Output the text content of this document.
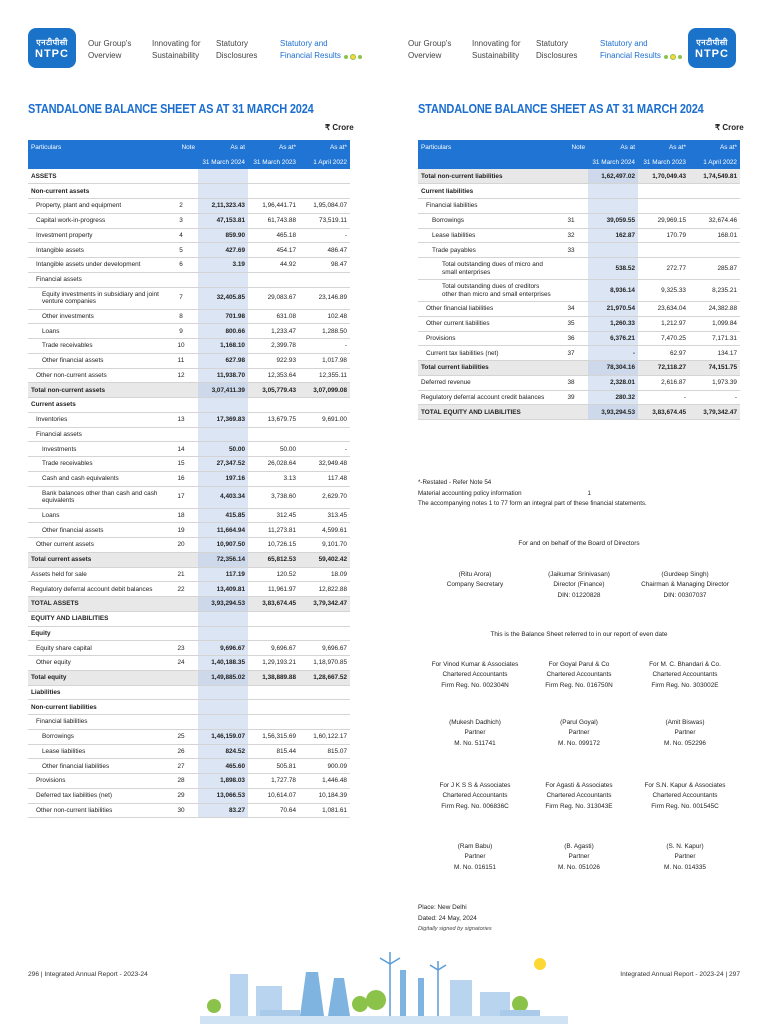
एनटीपीसी
NTPC
Our Group's
Overview
Innovating for
Sustainability
Statutory
Disclosures
Statutory and
Financial Results
Our Group's
Overview
Innovating for
Sustainability
Statutory
Disclosures
Statutory and
Financial Results
एनटीपीसी
NTPC
STANDALONE BALANCE SHEET AS AT 31 MARCH 2024	STANDALONE BALANCE SHEET AS AT 31 MARCH 2024
₹ Crore	₹ Crore
Particulars	Note	As at	As at*	As at*
		31 March 2024	31 March 2023	1 April 2022
ASSETS				
Non-current assets				
Property, plant and equipment	2	2,11,323.43	1,96,441.71	1,95,084.07
Capital work-in-progress	3	47,153.81	61,743.88	73,519.11
Investment property	4	859.90	465.18	-
Intangible assets	5	427.69	454.17	486.47
Intangible assets under development	6	3.19	44.92	98.47
Financial assets				
Equity investments in subsidiary and joint venture companies	7	32,405.85	29,083.67	23,146.89
Other investments	8	701.98	631.08	102.48
Loans	9	800.66	1,233.47	1,288.50
Trade receivables	10	1,168.10	2,399.78	-
Other financial assets	11	627.98	922.93	1,017.98
Other non-current assets	12	11,938.70	12,353.64	12,355.11
Total non-current assets		3,07,411.39	3,05,779.43	3,07,099.08
Current assets				
Inventories	13	17,369.83	13,679.75	9,691.00
Financial assets				
Investments	14	50.00	50.00	-
Trade receivables	15	27,347.52	26,028.64	32,949.48
Cash and cash equivalents	16	197.16	3.13	117.48
Bank balances other than cash and cash equivalents	17	4,403.34	3,738.60	2,629.70
Loans	18	415.85	312.45	313.45
Other financial assets	19	11,664.94	11,273.81	4,599.61
Other current assets	20	10,907.50	10,726.15	9,101.70
Total current assets		72,356.14	65,812.53	59,402.42
Assets held for sale	21	117.19	120.52	18.09
Regulatory deferral account debit balances	22	13,409.81	11,961.97	12,822.88
TOTAL ASSETS		3,93,294.53	3,83,674.45	3,79,342.47
EQUITY AND LIABILITIES				
Equity				
Equity share capital	23	9,696.67	9,696.67	9,696.67
Other equity	24	1,40,188.35	1,29,193.21	1,18,970.85
Total equity		1,49,885.02	1,38,889.88	1,28,667.52
Liabilities				
Non-current liabilities				
Financial liabilities				
Borrowings	25	1,46,159.07	1,56,315.69	1,60,122.17
Lease liabilities	26	824.52	815.44	815.07
Other financial liabilities	27	465.60	505.81	900.09
Provisions	28	1,898.03	1,727.78	1,446.48
Deferred tax liabilities (net)	29	13,066.53	10,614.07	10,184.39
Other non-current liabilities	30	83.27	70.64	1,081.61
Particulars	Note	As at	As at*	As at*
		31 March 2024	31 March 2023	1 April 2022
Total non-current liabilities		1,62,497.02	1,70,049.43	1,74,549.81
Current liabilities				
Financial liabilities				
Borrowings	31	39,059.55	29,969.15	32,674.46
Lease liabilities	32	162.87	170.79	168.01
Trade payables	33			
Total outstanding dues of micro and small enterprises		538.52	272.77	285.87
Total outstanding dues of creditors other than micro and small enterprises		8,936.14	9,325.33	8,235.21
Other financial liabilities	34	21,970.54	23,634.04	24,382.88
Other current liabilities	35	1,260.33	1,212.97	1,099.84
Provisions	36	6,376.21	7,470.25	7,171.31
Current tax liabilities (net)	37	-	62.97	134.17
Total current liabilities		78,304.16	72,118.27	74,151.75
Deferred revenue	38	2,328.01	2,616.87	1,973.39
Regulatory deferral account credit balances	39	280.32	-	-
TOTAL EQUITY AND LIABILITIES		3,93,294.53	3,83,674.45	3,79,342.47
*-Restated - Refer Note 54
Material accounting policy information	1
The accompanying notes 1 to 77 form an integral part of these financial statements.
For and on behalf of the Board of Directors
(Ritu Arora)
Company Secretary
(Jaikumar Srinivasan)
Director (Finance)
DIN: 01220828
(Gurdeep Singh)
Chairman & Managing Director
DIN: 00307037
This is the Balance Sheet referred to in our report of even date
For Vinod Kumar & Associates
Chartered Accountants
Firm Reg. No. 002304N
For Goyal Parul & Co
Chartered Accountants
Firm Reg. No. 016750N
For M. C. Bhandari & Co.
Chartered Accountants
Firm Reg. No. 303002E
(Mukesh Dadhich)
Partner
M. No. 511741
(Parul Goyal)
Partner
M. No. 099172
(Amit Biswas)
Partner
M. No. 052296
For J K S S & Associates
Chartered Accountants
Firm Reg. No. 006836C
For Agasti & Associates
Chartered Accountants
Firm Reg. No. 313043E
For S.N. Kapur & Associates
Chartered Accountants
Firm Reg. No. 001545C
(Ram Babu)
Partner
M. No. 016151
(B. Agasti)
Partner
M. No. 051026
(S. N. Kapur)
Partner
M. No. 014335
Place: New Delhi
Dated: 24 May, 2024
Digitally signed by signatories
296 | Integrated Annual Report - 2023-24	Integrated Annual Report - 2023-24 | 297
